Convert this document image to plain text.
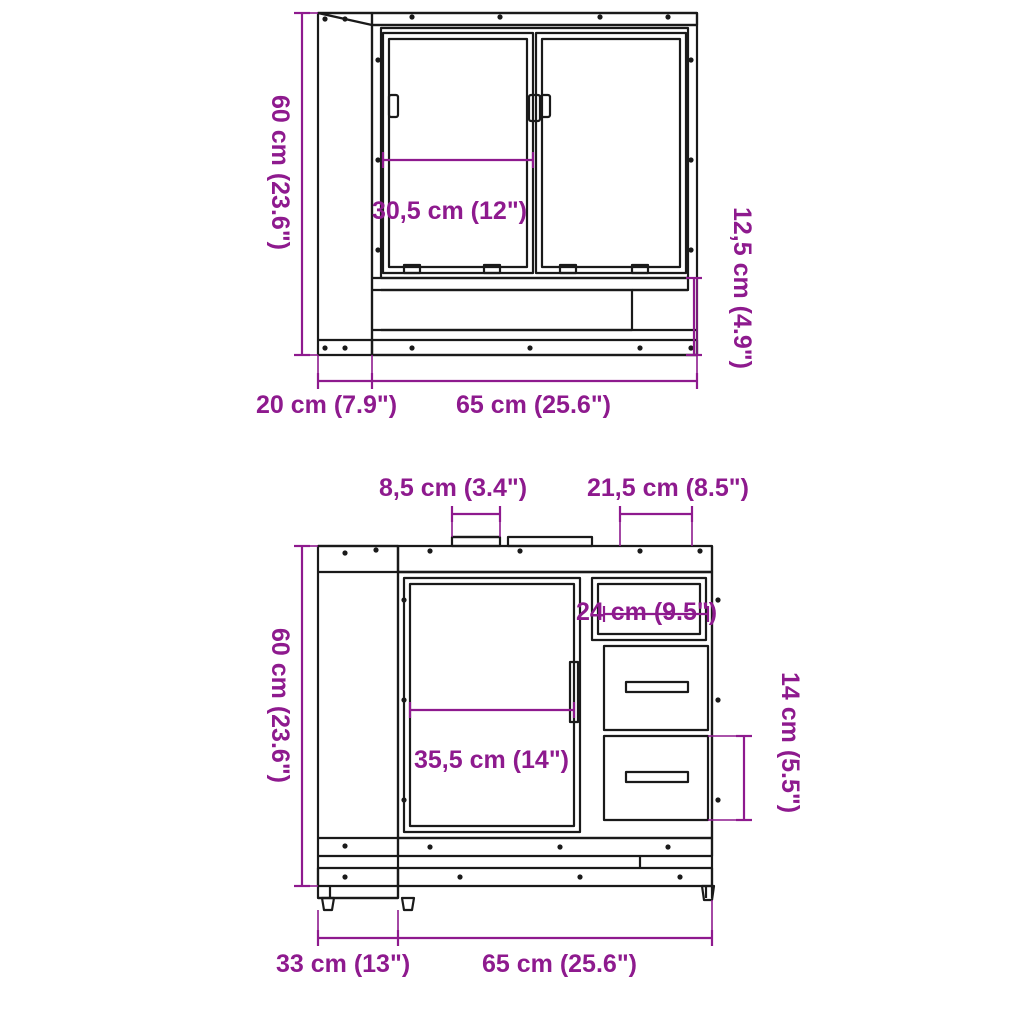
60 cm (23.6")
65 cm (25.6")
20 cm (7.9")
30,5 cm (12")	12,5 cm (4.9")
8,5 cm (3.4") 21,5 cm (8.5")
60 cm (23.6")
65 cm (25.6")
33 cm (13")
24 cm (9.5")
35,5 cm (14")	14 cm (5.5")
